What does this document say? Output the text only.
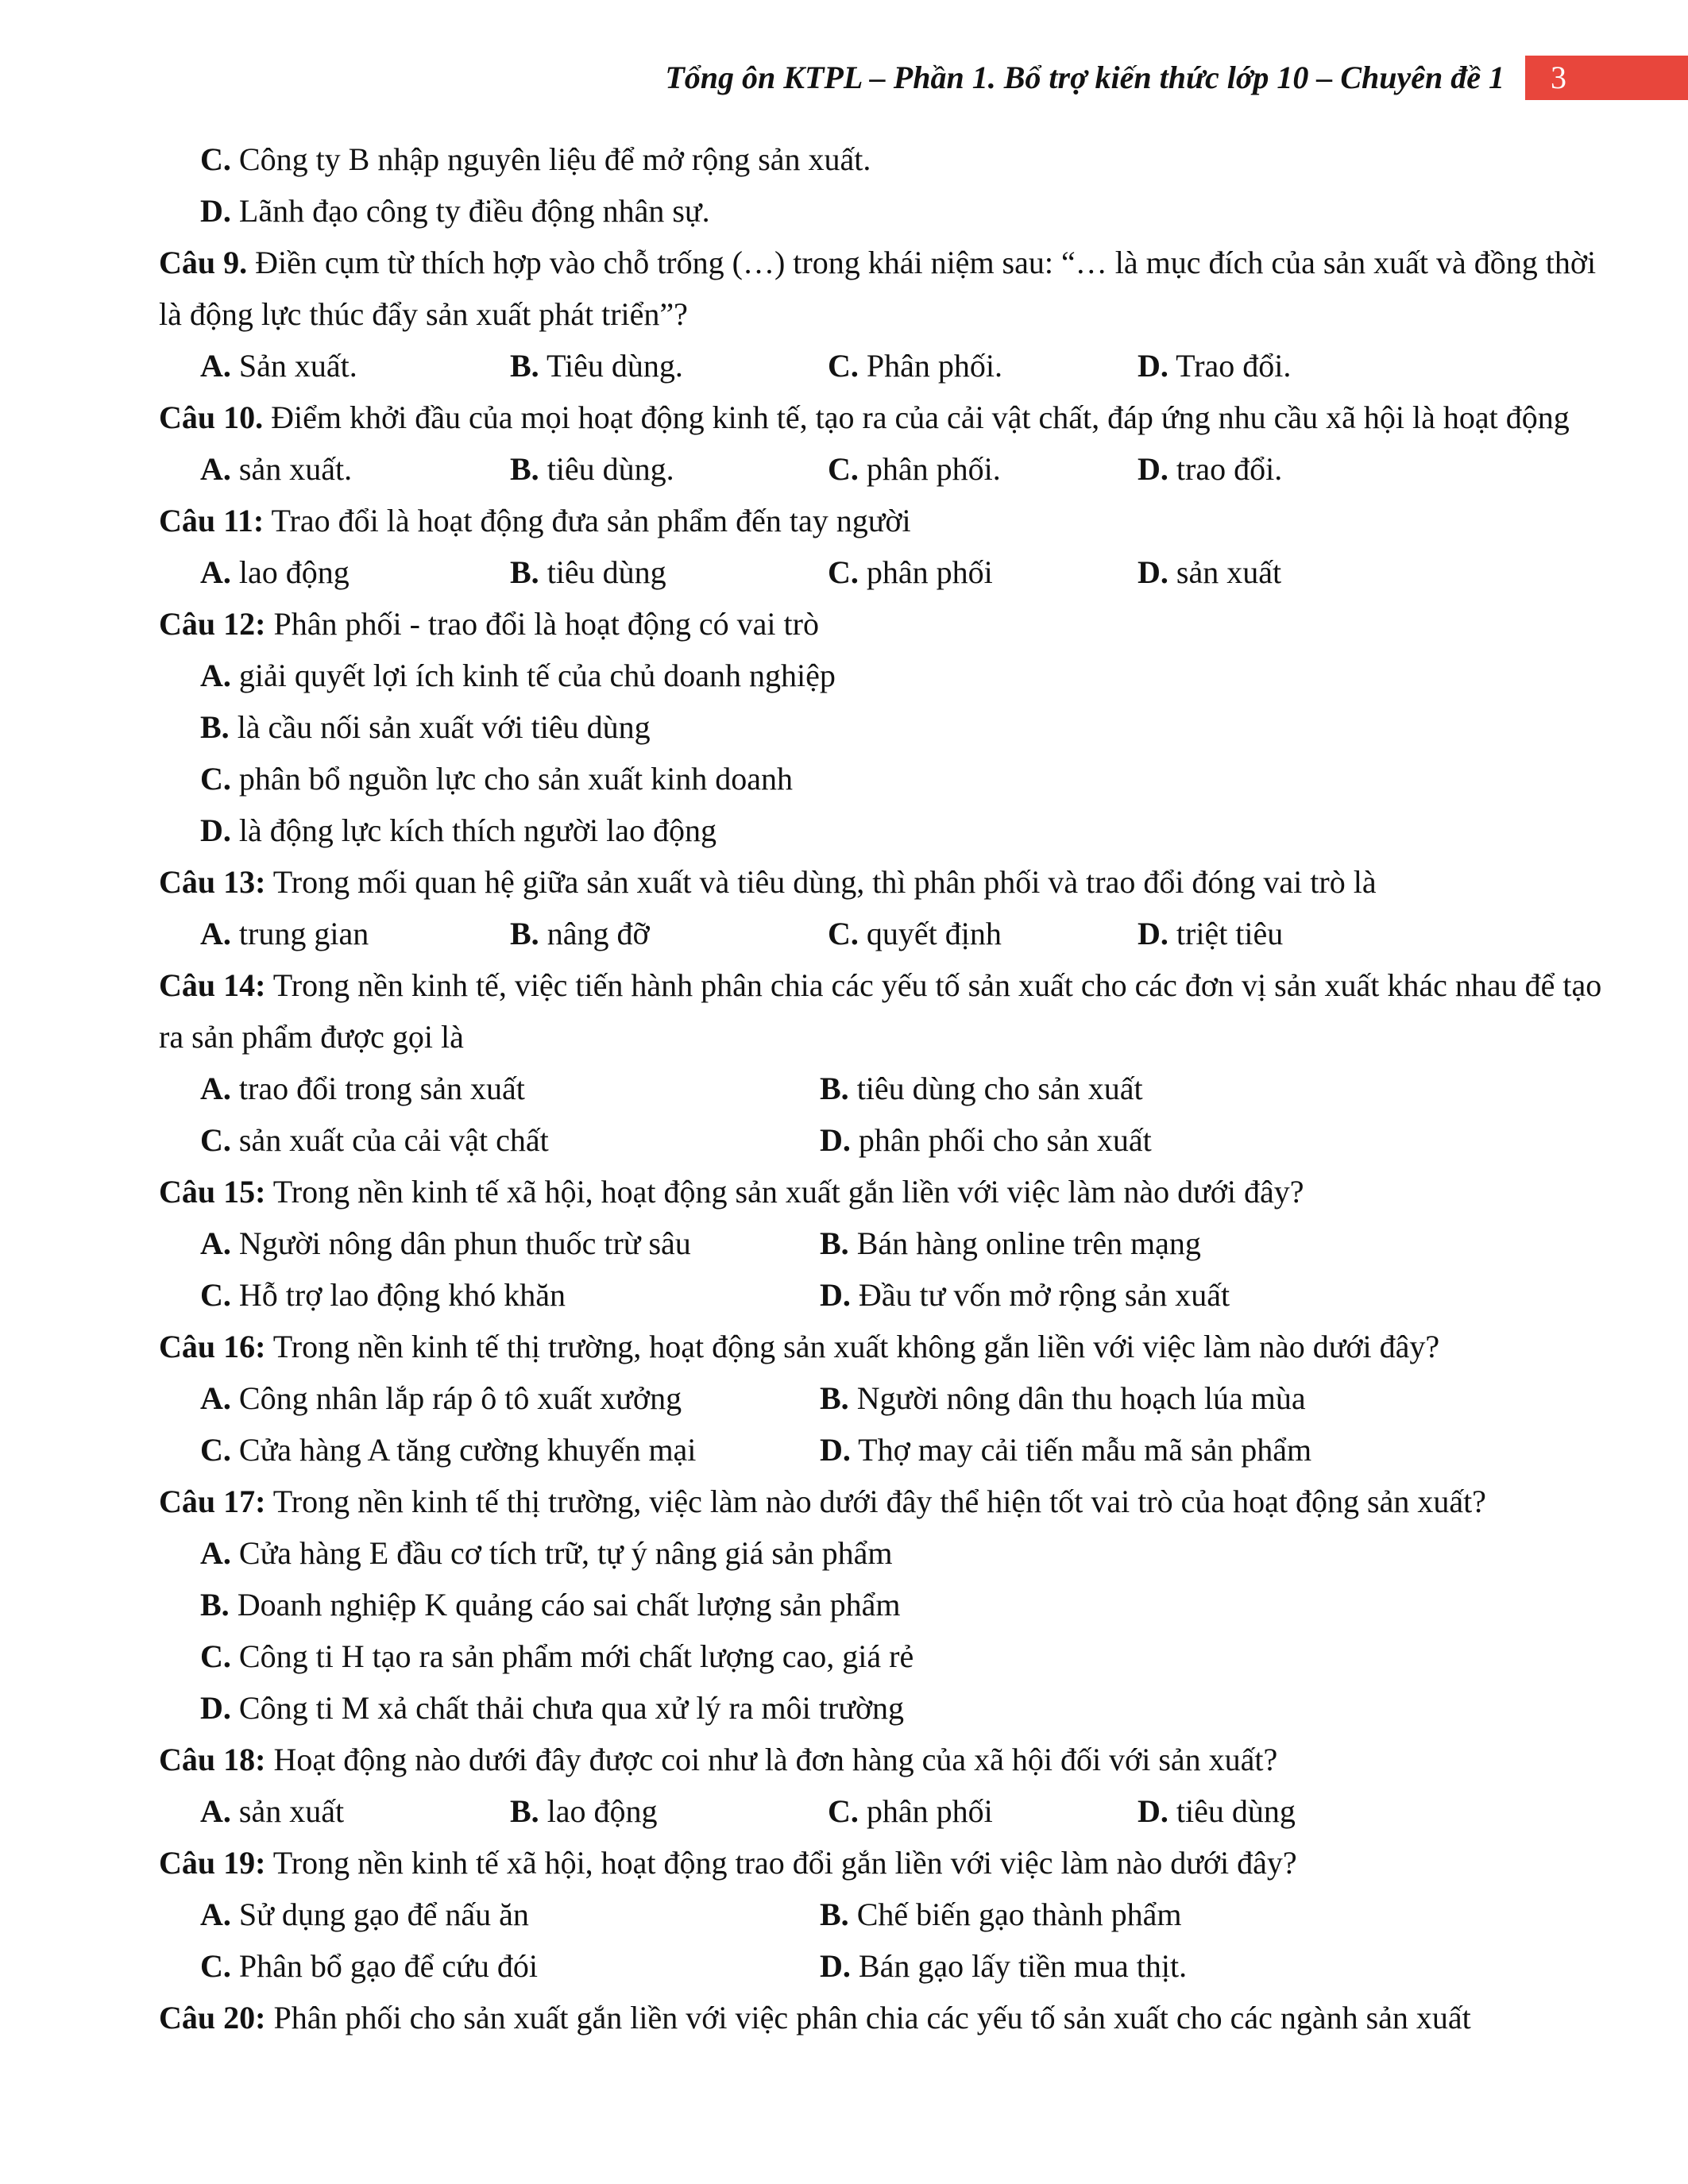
Tổng ôn KTPL – Phần 1. Bổ trợ kiến thức lớp 10 – Chuyên đề 1	3
C. Công ty B nhập nguyên liệu để mở rộng sản xuất.
D. Lãnh đạo công ty điều động nhân sự.
Câu 9. Điền cụm từ thích hợp vào chỗ trống (…) trong khái niệm sau: “… là mục đích của sản xuất và đồng thời là động lực thúc đẩy sản xuất phát triển”?
A. Sản xuất.	B. Tiêu dùng.	C. Phân phối.	D. Trao đổi.
Câu 10. Điểm khởi đầu của mọi hoạt động kinh tế, tạo ra của cải vật chất, đáp ứng nhu cầu xã hội là hoạt động
A. sản xuất.	B. tiêu dùng.	C. phân phối.	D. trao đổi.
Câu 11: Trao đổi là hoạt động đưa sản phẩm đến tay người
A. lao động	B. tiêu dùng	C. phân phối	D. sản xuất
Câu 12: Phân phối - trao đổi là hoạt động có vai trò
A. giải quyết lợi ích kinh tế của chủ doanh nghiệp
B. là cầu nối sản xuất với tiêu dùng
C. phân bổ nguồn lực cho sản xuất kinh doanh
D. là động lực kích thích người lao động
Câu 13: Trong mối quan hệ giữa sản xuất và tiêu dùng, thì phân phối và trao đổi đóng vai trò là
A. trung gian	B. nâng đỡ	C. quyết định	D. triệt tiêu
Câu 14: Trong nền kinh tế, việc tiến hành phân chia các yếu tố sản xuất cho các đơn vị sản xuất khác nhau để tạo ra sản phẩm được gọi là
A. trao đổi trong sản xuất	B. tiêu dùng cho sản xuất
C. sản xuất của cải vật chất	D. phân phối cho sản xuất
Câu 15: Trong nền kinh tế xã hội, hoạt động sản xuất gắn liền với việc làm nào dưới đây?
A. Người nông dân phun thuốc trừ sâu	B. Bán hàng online trên mạng
C. Hỗ trợ lao động khó khăn	D. Đầu tư vốn mở rộng sản xuất
Câu 16: Trong nền kinh tế thị trường, hoạt động sản xuất không gắn liền với việc làm nào dưới đây?
A. Công nhân lắp ráp ô tô xuất xưởng	B. Người nông dân thu hoạch lúa mùa
C. Cửa hàng A tăng cường khuyến mại	D. Thợ may cải tiến mẫu mã sản phẩm
Câu 17: Trong nền kinh tế thị trường, việc làm nào dưới đây thể hiện tốt vai trò của hoạt động sản xuất?
A. Cửa hàng E đầu cơ tích trữ, tự ý nâng giá sản phẩm
B. Doanh nghiệp K quảng cáo sai chất lượng sản phẩm
C. Công ti H tạo ra sản phẩm mới chất lượng cao, giá rẻ
D. Công ti M xả chất thải chưa qua xử lý ra môi trường
Câu 18: Hoạt động nào dưới đây được coi như là đơn hàng của xã hội đối với sản xuất?
A. sản xuất	B. lao động	C. phân phối	D. tiêu dùng
Câu 19: Trong nền kinh tế xã hội, hoạt động trao đổi gắn liền với việc làm nào dưới đây?
A. Sử dụng gạo để nấu ăn	B. Chế biến gạo thành phẩm
C. Phân bổ gạo để cứu đói	D. Bán gạo lấy tiền mua thịt.
Câu 20: Phân phối cho sản xuất gắn liền với việc phân chia các yếu tố sản xuất cho các ngành sản xuất
